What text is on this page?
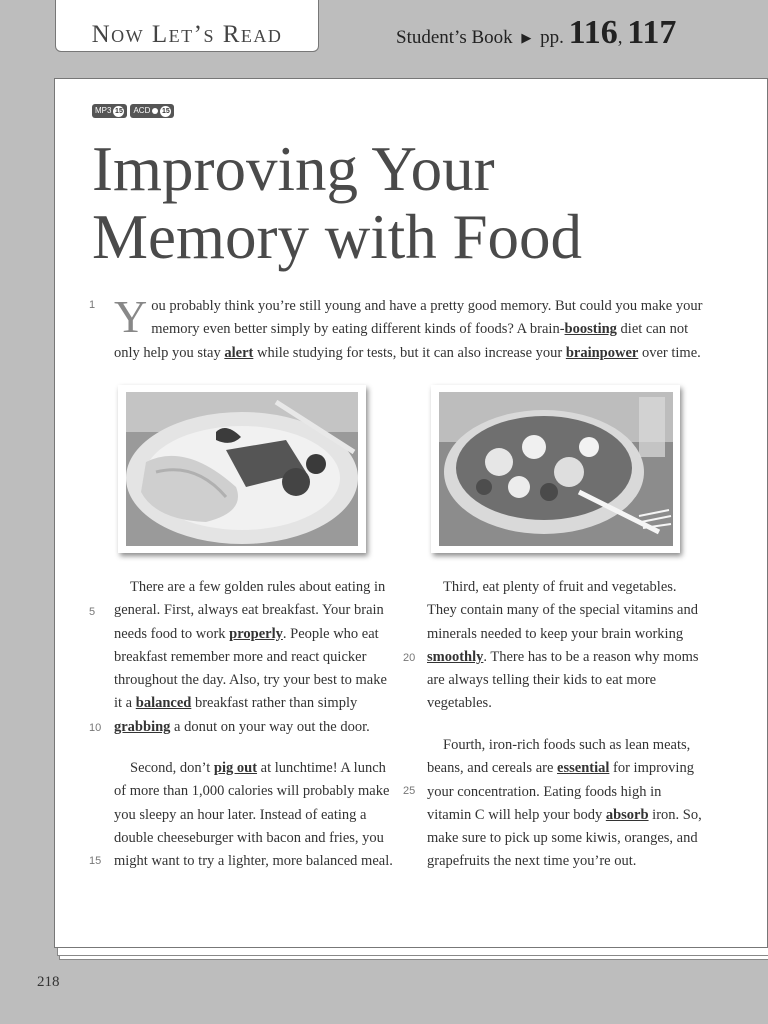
Now Let’s Read	Student’s Book ▶ pp. 116, 117
MP3 15 ACD 15
Improving Your
Memory with Food
1 You probably think you’re still young and have a pretty good memory. But could you make your memory even better simply by eating different kinds of foods? A brain-boosting diet can not only help you stay alert while studying for tests, but it can also increase your brainpower over time.
5
10
15

There are a few golden rules about eating in general. First, always eat breakfast. Your brain needs food to work properly. People who eat breakfast remember more and react quicker throughout the day. Also, try your best to make it a balanced breakfast rather than simply grabbing a donut on your way out the door.

Second, don’t pig out at lunchtime! A lunch of more than 1,000 calories will probably make you sleepy an hour later. Instead of eating a double cheeseburger with bacon and fries, you might want to try a lighter, more balanced meal.

20
25

Third, eat plenty of fruit and vegetables. They contain many of the special vitamins and minerals needed to keep your brain working smoothly. There has to be a reason why moms are always telling their kids to eat more vegetables.

Fourth, iron-rich foods such as lean meats, beans, and cereals are essential for improving your concentration. Eating foods high in vitamin C will help your body absorb iron. So, make sure to pick up some kiwis, oranges, and grapefruits the next time you’re out.

218
